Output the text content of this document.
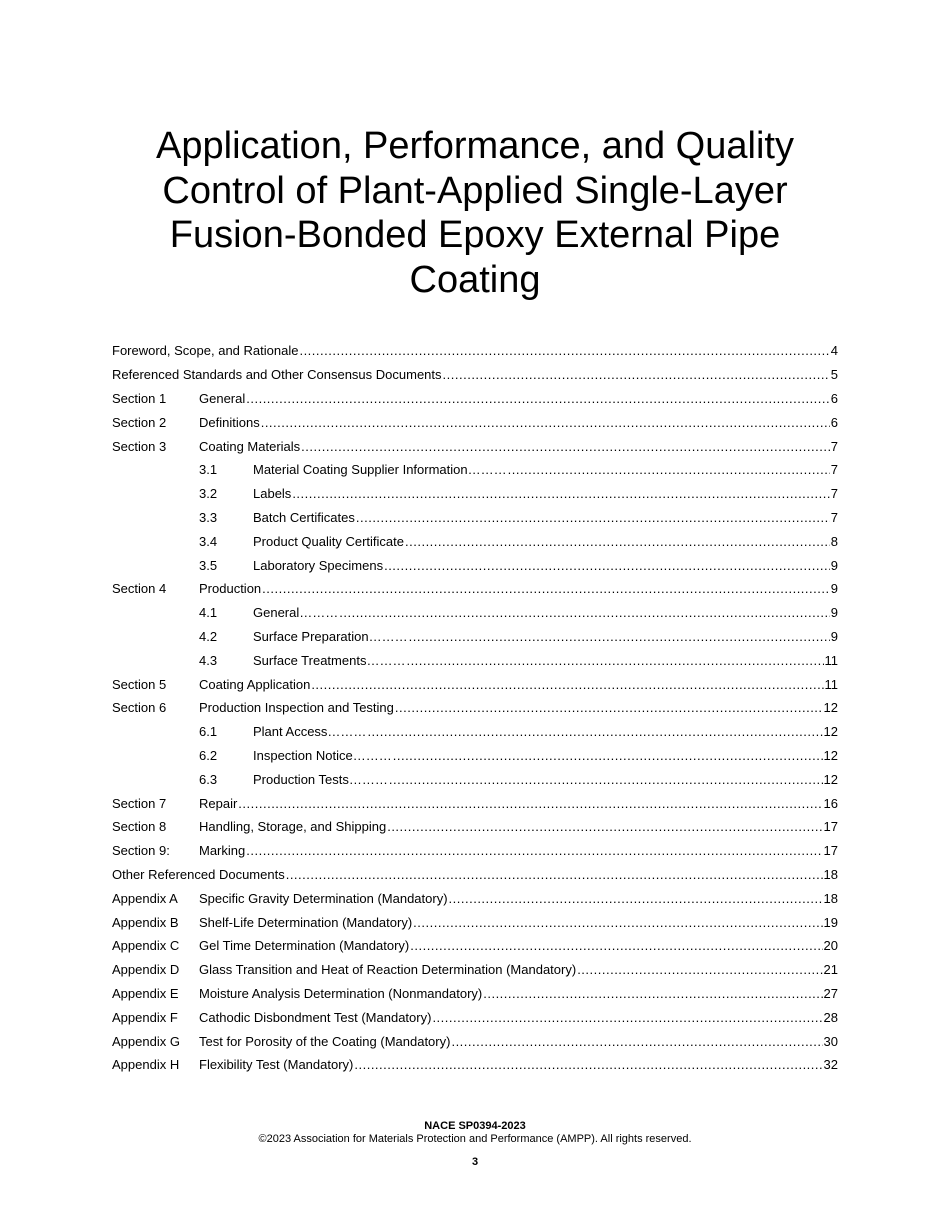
Application, Performance, and Quality
Control of Plant-Applied Single-Layer
Fusion-Bonded Epoxy External Pipe
Coating
Foreword, Scope, and Rationale .....	4
Referenced Standards and Other Consensus Documents .....	5
Section 1	General .....	6
Section 2	Definitions .....	6
Section 3	Coating Materials .....	7
3.1	Material Coating Supplier Information……… .....	7
3.2	Labels .....	7
3.3	Batch Certificates .....	7
3.4	Product Quality Certificate .....	8
3.5	Laboratory Specimens .....	9
Section 4	Production .....	9
4.1	General……… .....	9
4.2	Surface Preparation……… .....	9
4.3	Surface Treatments……… .....	11
Section 5	Coating Application .....	11
Section 6	Production Inspection and Testing .....	12
6.1	Plant Access……… .....	12
6.2	Inspection Notice……… .....	12
6.3	Production Tests……… .....	12
Section 7	Repair .....	16
Section 8	Handling, Storage, and Shipping .....	17
Section 9:	Marking .....	17
Other Referenced Documents .....	18
Appendix A	Specific Gravity Determination (Mandatory) .....	18
Appendix B	Shelf-Life Determination (Mandatory) .....	19
Appendix C	Gel Time Determination (Mandatory) .....	20
Appendix D	Glass Transition and Heat of Reaction Determination (Mandatory) .....	21
Appendix E	Moisture Analysis Determination (Nonmandatory) .....	27
Appendix F	Cathodic Disbondment Test (Mandatory) .....	28
Appendix G	Test for Porosity of the Coating (Mandatory) .....	30
Appendix H	Flexibility Test (Mandatory) .....	32
NACE SP0394-2023
©2023 Association for Materials Protection and Performance (AMPP). All rights reserved.
3
